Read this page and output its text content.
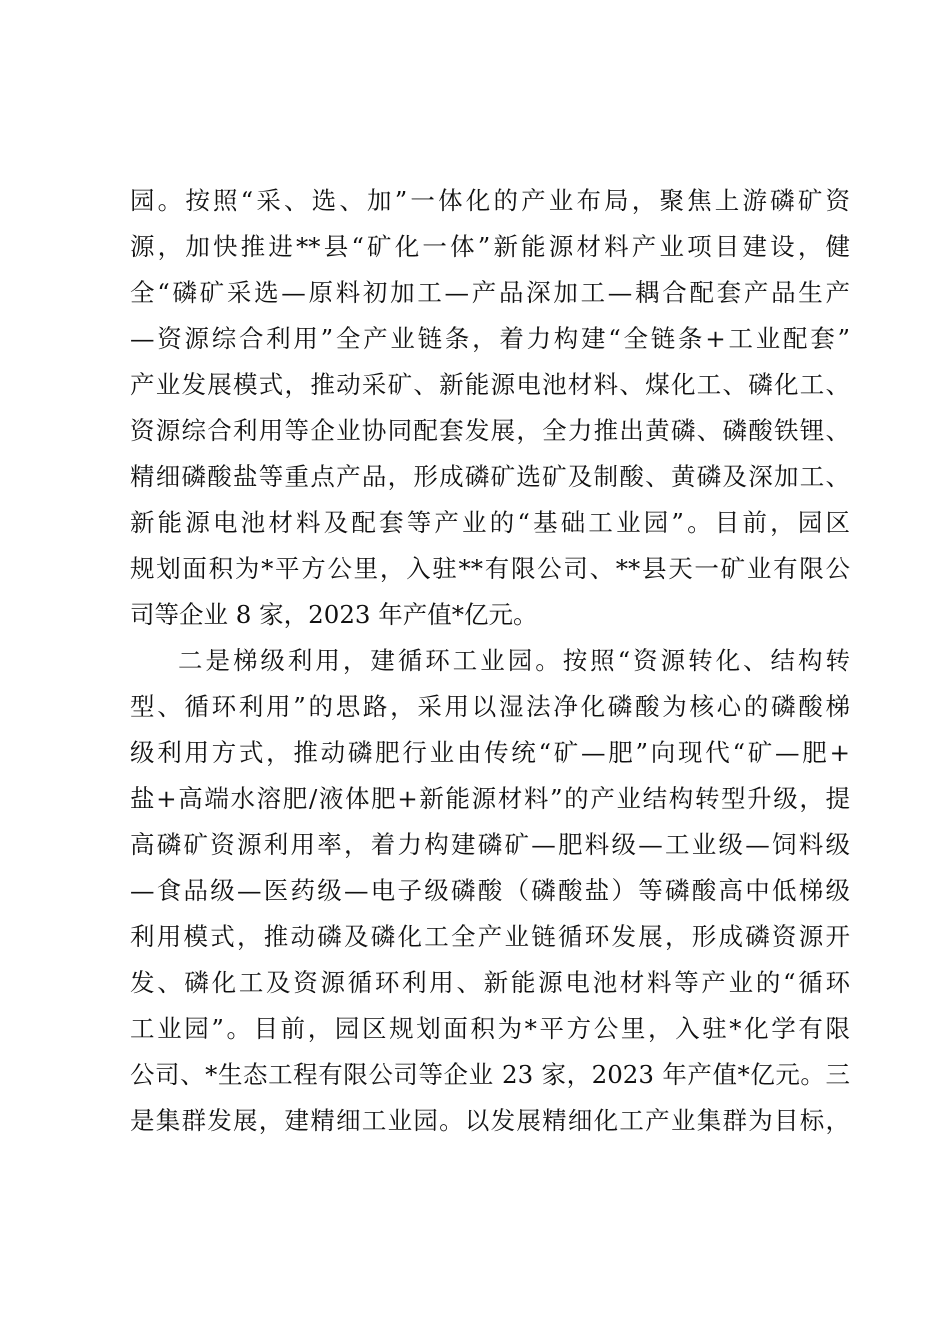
园。按照“采、选、加”一体化的产业布局，聚焦上游磷矿资
源，加快推进**县“矿化一体”新能源材料产业项目建设，健
全“磷矿采选—原料初加工—产品深加工—耦合配套产品生产
—资源综合利用”全产业链条，着力构建“全链条+工业配套”
产业发展模式，推动采矿、新能源电池材料、煤化工、磷化工、
资源综合利用等企业协同配套发展，全力推出黄磷、磷酸铁锂、
精细磷酸盐等重点产品，形成磷矿选矿及制酸、黄磷及深加工、
新能源电池材料及配套等产业的“基础工业园”。目前，园区
规划面积为*平方公里，入驻**有限公司、**县天一矿业有限公
司等企业 8 家，2023 年产值*亿元。
二是梯级利用，建循环工业园。按照“资源转化、结构转
型、循环利用”的思路，采用以湿法净化磷酸为核心的磷酸梯
级利用方式，推动磷肥行业由传统“矿—肥”向现代“矿—肥+
盐+高端水溶肥/液体肥+新能源材料”的产业结构转型升级，提
高磷矿资源利用率，着力构建磷矿—肥料级—工业级—饲料级
—食品级—医药级—电子级磷酸（磷酸盐）等磷酸高中低梯级
利用模式，推动磷及磷化工全产业链循环发展，形成磷资源开
发、磷化工及资源循环利用、新能源电池材料等产业的“循环
工业园”。目前，园区规划面积为*平方公里，入驻*化学有限
公司、*生态工程有限公司等企业 23 家，2023 年产值*亿元。三
是集群发展，建精细工业园。以发展精细化工产业集群为目标，
